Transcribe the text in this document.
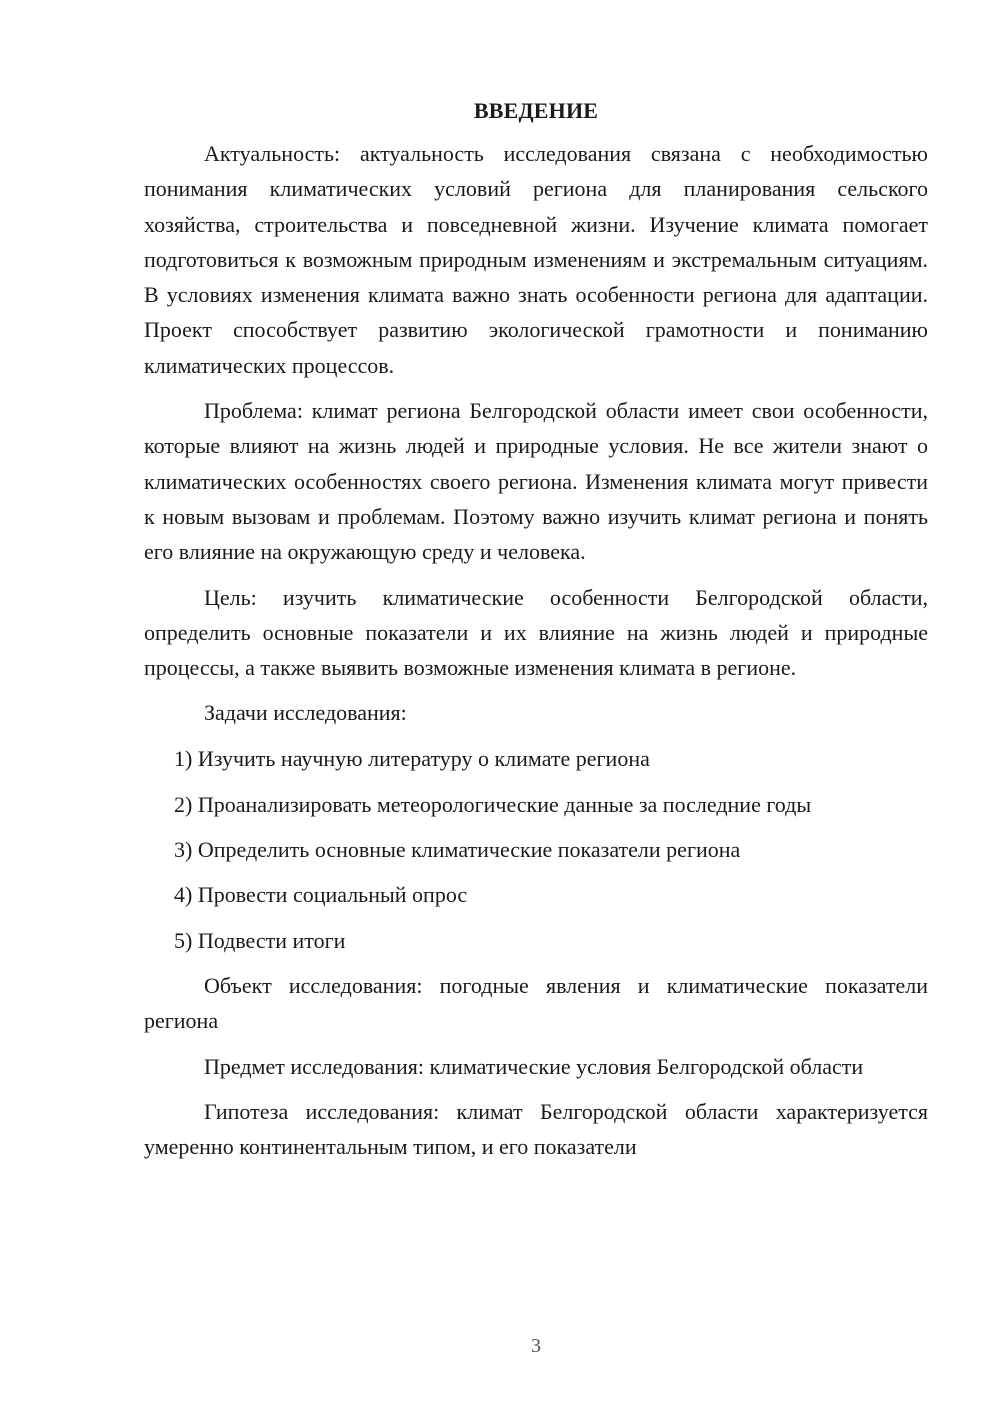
ВВЕДЕНИЕ

Актуальность: актуальность исследования связана с необходимостью понимания климатических условий региона для планирования сельского хозяйства, строительства и повседневной жизни. Изучение климата помогает подготовиться к возможным природным изменениям и экстремальным ситуациям. В условиях изменения климата важно знать особенности региона для адаптации. Проект способствует развитию экологической грамотности и пониманию климатических процессов.

Проблема: климат региона Белгородской области имеет свои особенности, которые влияют на жизнь людей и природные условия. Не все жители знают о климатических особенностях своего региона. Изменения климата могут привести к новым вызовам и проблемам. Поэтому важно изучить климат региона и понять его влияние на окружающую среду и человека.

Цель: изучить климатические особенности Белгородской области, определить основные показатели и их влияние на жизнь людей и природные процессы, а также выявить возможные изменения климата в регионе.

Задачи исследования:

1) Изучить научную литературу о климате региона
2) Проанализировать метеорологические данные за последние годы
3) Определить основные климатические показатели региона
4) Провести социальный опрос
5) Подвести итоги

Объект исследования: погодные явления и климатические показатели региона

Предмет исследования: климатические условия Белгородской области

Гипотеза исследования: климат Белгородской области характеризуется умеренно континентальным типом, и его показатели

3
